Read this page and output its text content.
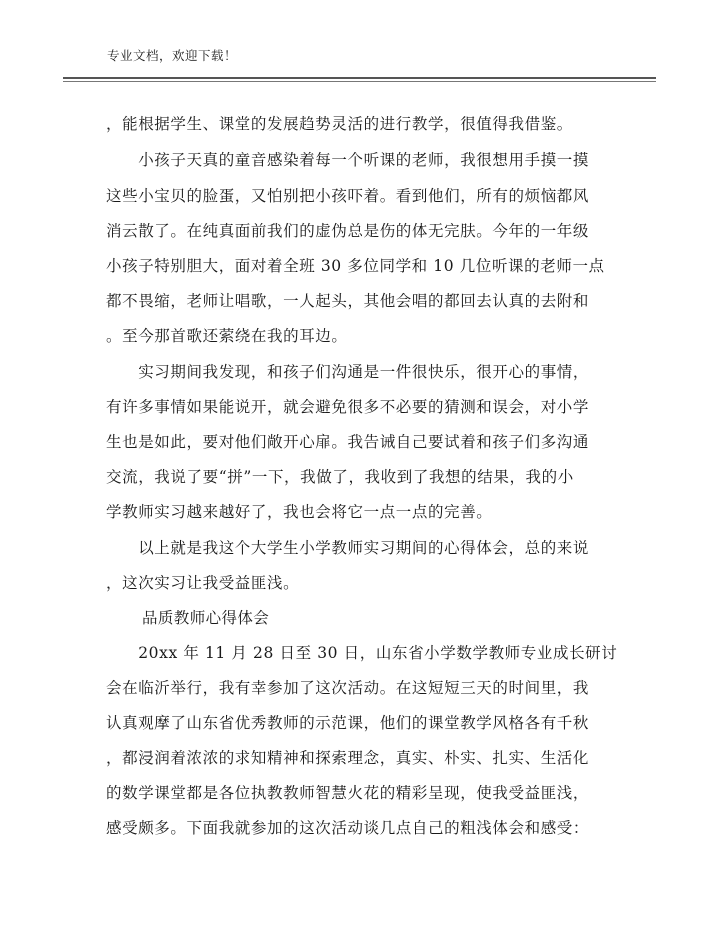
专业文档，欢迎下载！
，能根据学生、课堂的发展趋势灵活的进行教学，很值得我借鉴。
　　小孩子天真的童音感染着每一个听课的老师，我很想用手摸一摸
这些小宝贝的脸蛋，又怕别把小孩吓着。看到他们，所有的烦恼都风
消云散了。在纯真面前我们的虚伪总是伤的体无完肤。今年的一年级
小孩子特别胆大，面对着全班 30 多位同学和 10 几位听课的老师一点
都不畏缩，老师让唱歌，一人起头，其他会唱的都回去认真的去附和
。至今那首歌还萦绕在我的耳边。
　　实习期间我发现，和孩子们沟通是一件很快乐，很开心的事情，
有许多事情如果能说开，就会避免很多不必要的猜测和误会，对小学
生也是如此，要对他们敞开心扉。我告诫自己要试着和孩子们多沟通
交流，我说了要“拼”一下，我做了，我收到了我想的结果，我的小
学教师实习越来越好了，我也会将它一点一点的完善。
　　以上就是我这个大学生小学教师实习期间的心得体会，总的来说
，这次实习让我受益匪浅。
品质教师心得体会
　　20xx 年 11 月 28 日至 30 日，山东省小学数学教师专业成长研讨
会在临沂举行，我有幸参加了这次活动。在这短短三天的时间里，我
认真观摩了山东省优秀教师的示范课，他们的课堂教学风格各有千秋
，都浸润着浓浓的求知精神和探索理念，真实、朴实、扎实、生活化
的数学课堂都是各位执教教师智慧火花的精彩呈现，使我受益匪浅，
感受颇多。下面我就参加的这次活动谈几点自己的粗浅体会和感受：
